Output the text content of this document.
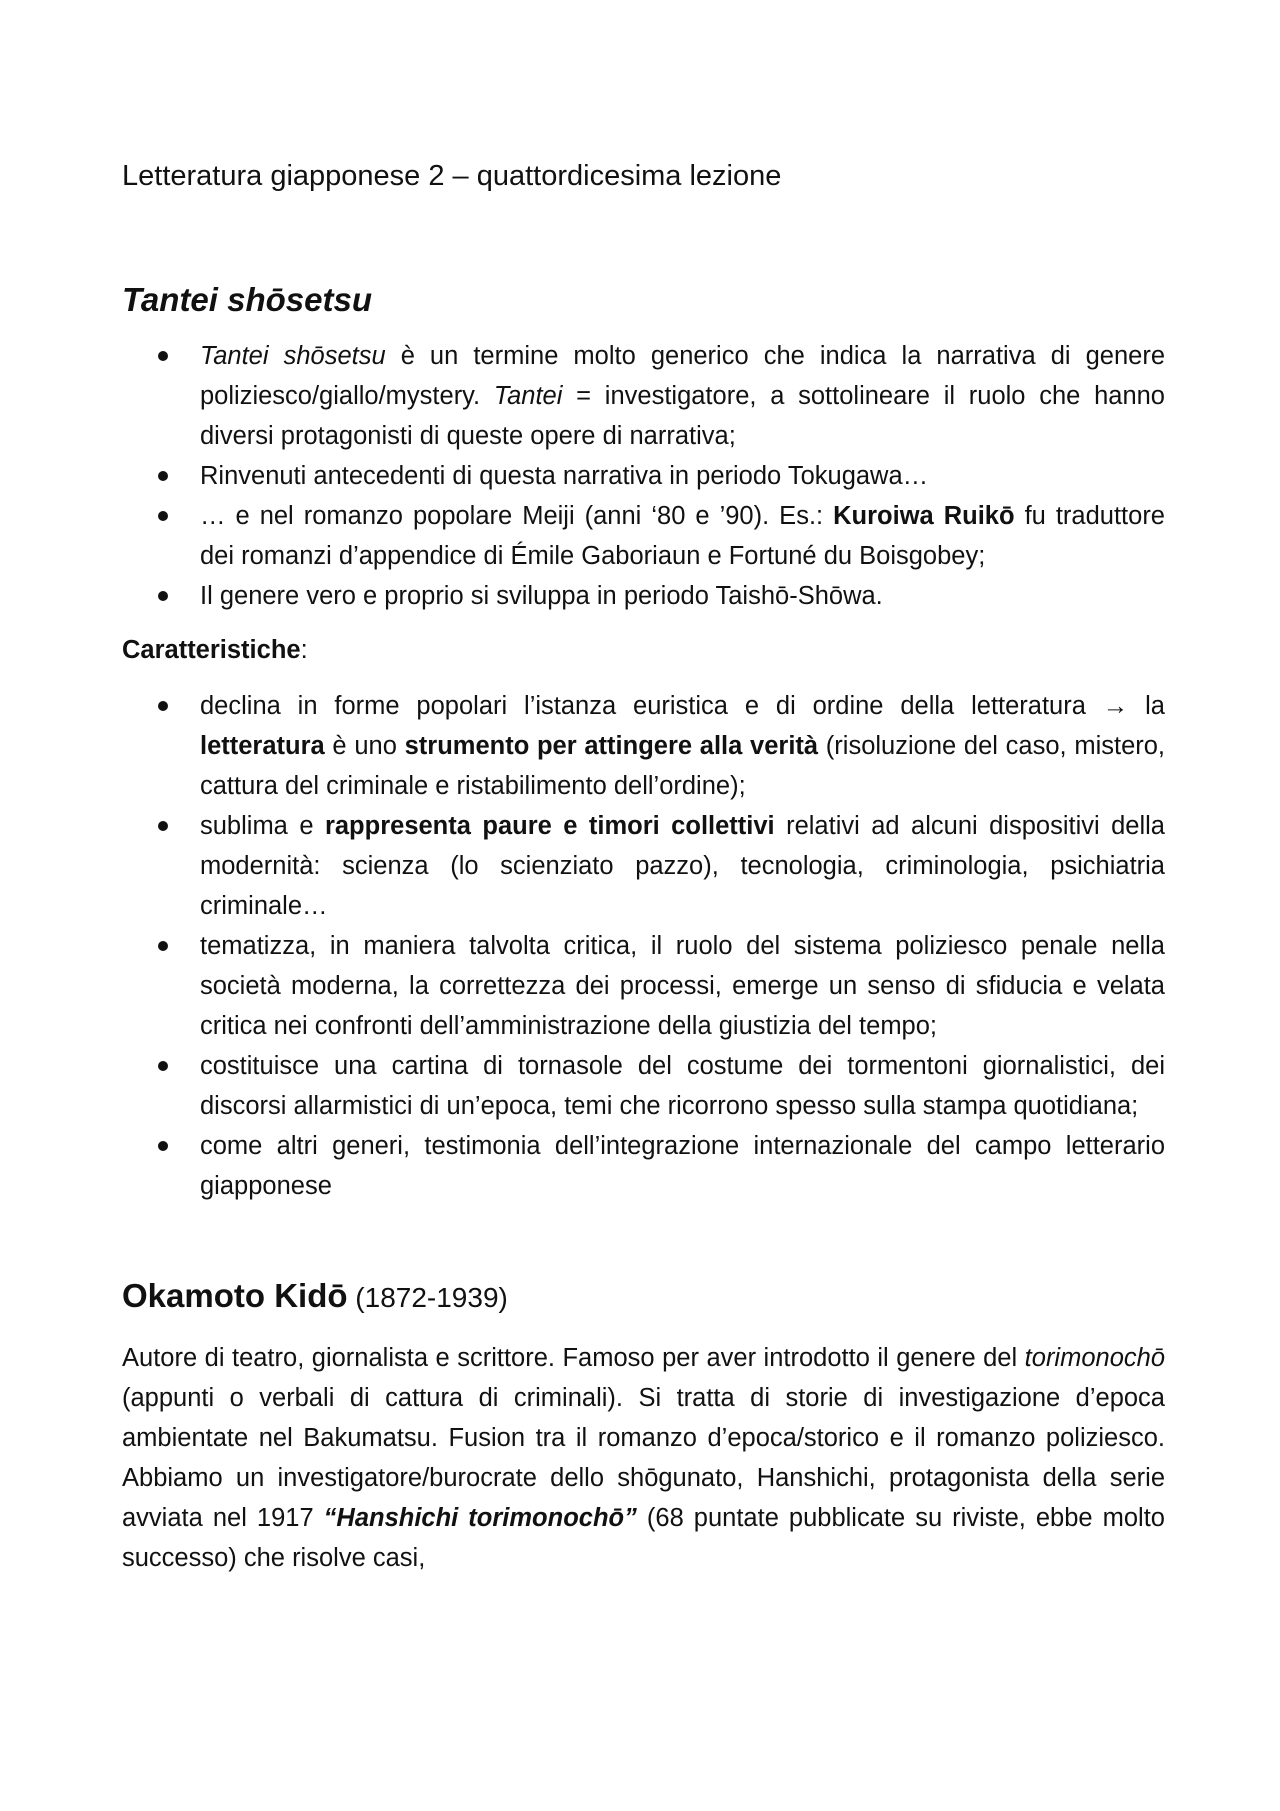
Letteratura giapponese 2 – quattordicesima lezione
Tantei shōsetsu
Tantei shōsetsu è un termine molto generico che indica la narrativa di genere poliziesco/giallo/mystery. Tantei = investigatore, a sottolineare il ruolo che hanno diversi protagonisti di queste opere di narrativa;
Rinvenuti antecedenti di questa narrativa in periodo Tokugawa…
… e nel romanzo popolare Meiji (anni ‘80 e ’90). Es.: Kuroiwa Ruikō fu traduttore dei romanzi d’appendice di Émile Gaboriaun e Fortuné du Boisgobey;
Il genere vero e proprio si sviluppa in periodo Taishō-Shōwa.
Caratteristiche:
declina in forme popolari l’istanza euristica e di ordine della letteratura → la letteratura è uno strumento per attingere alla verità (risoluzione del caso, mistero, cattura del criminale e ristabilimento dell’ordine);
sublima e rappresenta paure e timori collettivi relativi ad alcuni dispositivi della modernità: scienza (lo scienziato pazzo), tecnologia, criminologia, psichiatria criminale…
tematizza, in maniera talvolta critica, il ruolo del sistema poliziesco penale nella società moderna, la correttezza dei processi, emerge un senso di sfiducia e velata critica nei confronti dell’amministrazione della giustizia del tempo;
costituisce una cartina di tornasole del costume dei tormentoni giornalistici, dei discorsi allarmistici di un’epoca, temi che ricorrono spesso sulla stampa quotidiana;
come altri generi, testimonia dell’integrazione internazionale del campo letterario giapponese
Okamoto Kidō (1872-1939)

Autore di teatro, giornalista e scrittore. Famoso per aver introdotto il genere del torimonochō (appunti o verbali di cattura di criminali). Si tratta di storie di investigazione d’epoca ambientate nel Bakumatsu. Fusion tra il romanzo d’epoca/storico e il romanzo poliziesco. Abbiamo un investigatore/burocrate dello shōgunato, Hanshichi, protagonista della serie avviata nel 1917 “Hanshichi torimonochō” (68 puntate pubblicate su riviste, ebbe molto successo) che risolve casi,
